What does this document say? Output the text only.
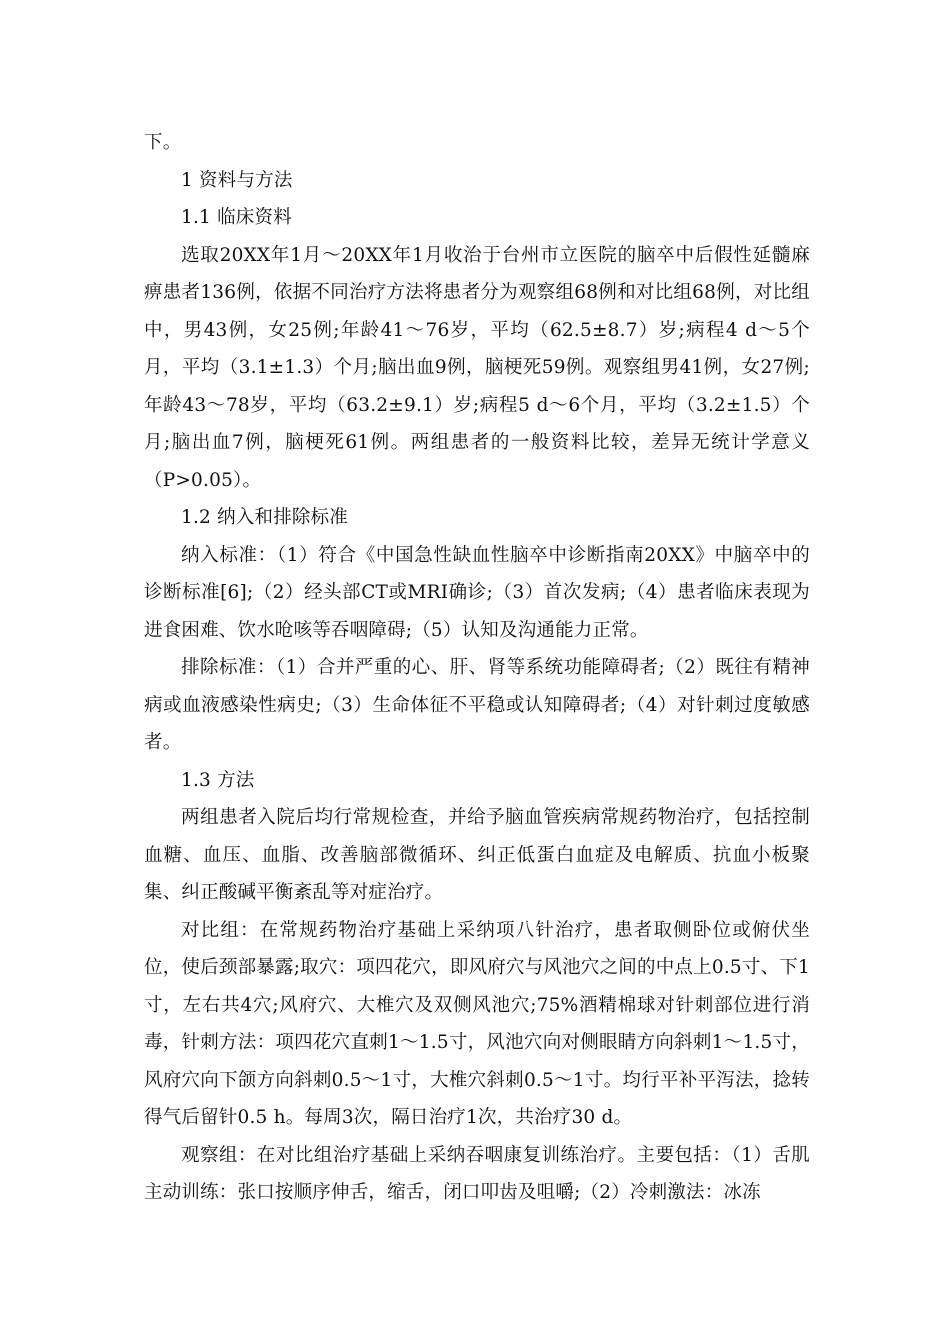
下。

1 资料与方法

1.1 临床资料

选取20XX年1月～20XX年1月收治于台州市立医院的脑卒中后假性延髓麻痹患者136例，依据不同治疗方法将患者分为观察组68例和对比组68例，对比组中，男43例，女25例;年龄41～76岁，平均（62.5±8.7）岁;病程4 d～5个月，平均（3.1±1.3）个月;脑出血9例，脑梗死59例。观察组男41例，女27例;年龄43～78岁，平均（63.2±9.1）岁;病程5 d～6个月，平均（3.2±1.5）个月;脑出血7例，脑梗死61例。两组患者的一般资料比较，差异无统计学意义（P>0.05）。

1.2 纳入和排除标准

纳入标准：（1）符合《中国急性缺血性脑卒中诊断指南20XX》中脑卒中的诊断标准[6];（2）经头部CT或MRI确诊;（3）首次发病;（4）患者临床表现为进食困难、饮水呛咳等吞咽障碍;（5）认知及沟通能力正常。

排除标准：（1）合并严重的心、肝、肾等系统功能障碍者;（2）既往有精神病或血液感染性病史;（3）生命体征不平稳或认知障碍者;（4）对针刺过度敏感者。

1.3 方法

两组患者入院后均行常规检查，并给予脑血管疾病常规药物治疗，包括控制血糖、血压、血脂、改善脑部微循环、纠正低蛋白血症及电解质、抗血小板聚集、纠正酸碱平衡紊乱等对症治疗。

对比组：在常规药物治疗基础上采纳项八针治疗，患者取侧卧位或俯伏坐位，使后颈部暴露;取穴：项四花穴，即风府穴与风池穴之间的中点上0.5寸、下1寸，左右共4穴;风府穴、大椎穴及双侧风池穴;75%酒精棉球对针刺部位进行消毒，针刺方法：项四花穴直刺1～1.5寸，风池穴向对侧眼睛方向斜刺1～1.5寸，风府穴向下颌方向斜刺0.5～1寸，大椎穴斜刺0.5～1寸。均行平补平泻法，捻转得气后留针0.5 h。每周3次，隔日治疗1次，共治疗30 d。

观察组：在对比组治疗基础上采纳吞咽康复训练治疗。主要包括：（1）舌肌主动训练：张口按顺序伸舌，缩舌，闭口叩齿及咀嚼;（2）冷刺激法：冰冻
